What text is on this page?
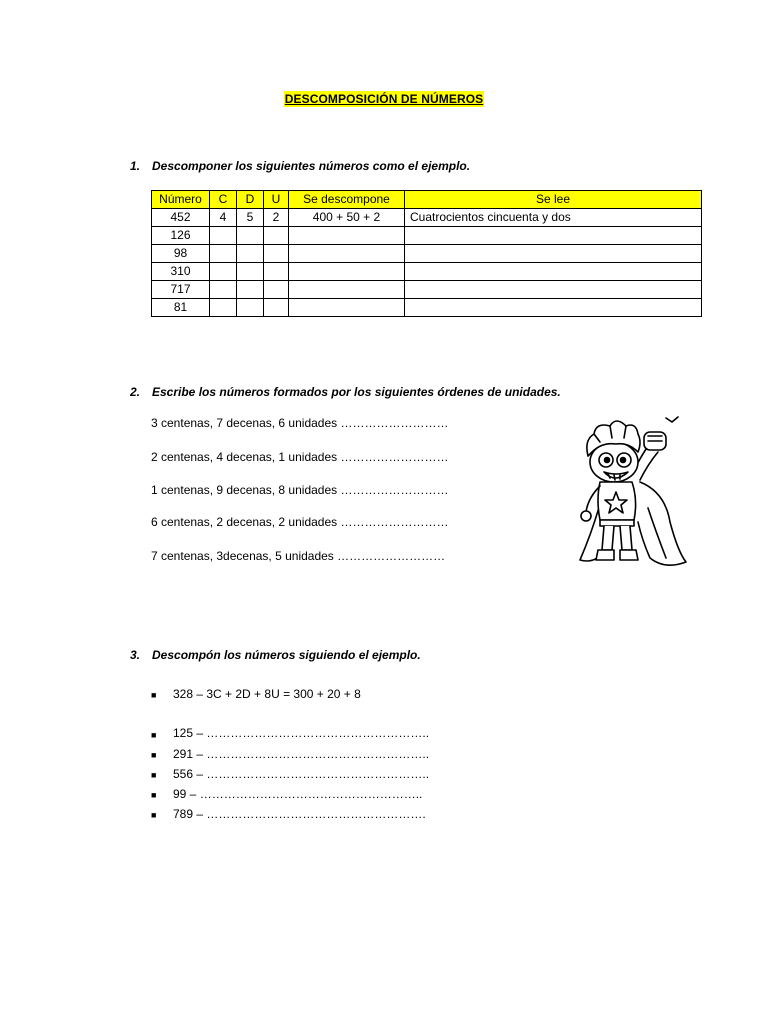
DESCOMPOSICIÓN DE NÚMEROS
1. Descomponer los siguientes números como el ejemplo.
Número	C	D	U	Se descompone	Se lee
452	4	5	2	400 + 50 + 2	Cuatrocientos cincuenta y dos
126					
98					
310					
717					
81					
2. Escribe los números formados por los siguientes órdenes de unidades.
3 centenas, 7 decenas, 6 unidades ………………………
2 centenas, 4 decenas, 1 unidades ………………………
1 centenas, 9 decenas, 8 unidades ………………………
6 centenas, 2 decenas, 2 unidades ………………………
7 centenas, 3decenas, 5 unidades ………………………
3. Descompón los números siguiendo el ejemplo.
■ 328 – 3C + 2D + 8U = 300 + 20 + 8
■ 125 – ………………………………………………..
■ 291 – ………………………………………………..
■ 556 – ………………………………………………..
■ 99 – ………………………………………………..
■ 789 – ……………………………………………….
